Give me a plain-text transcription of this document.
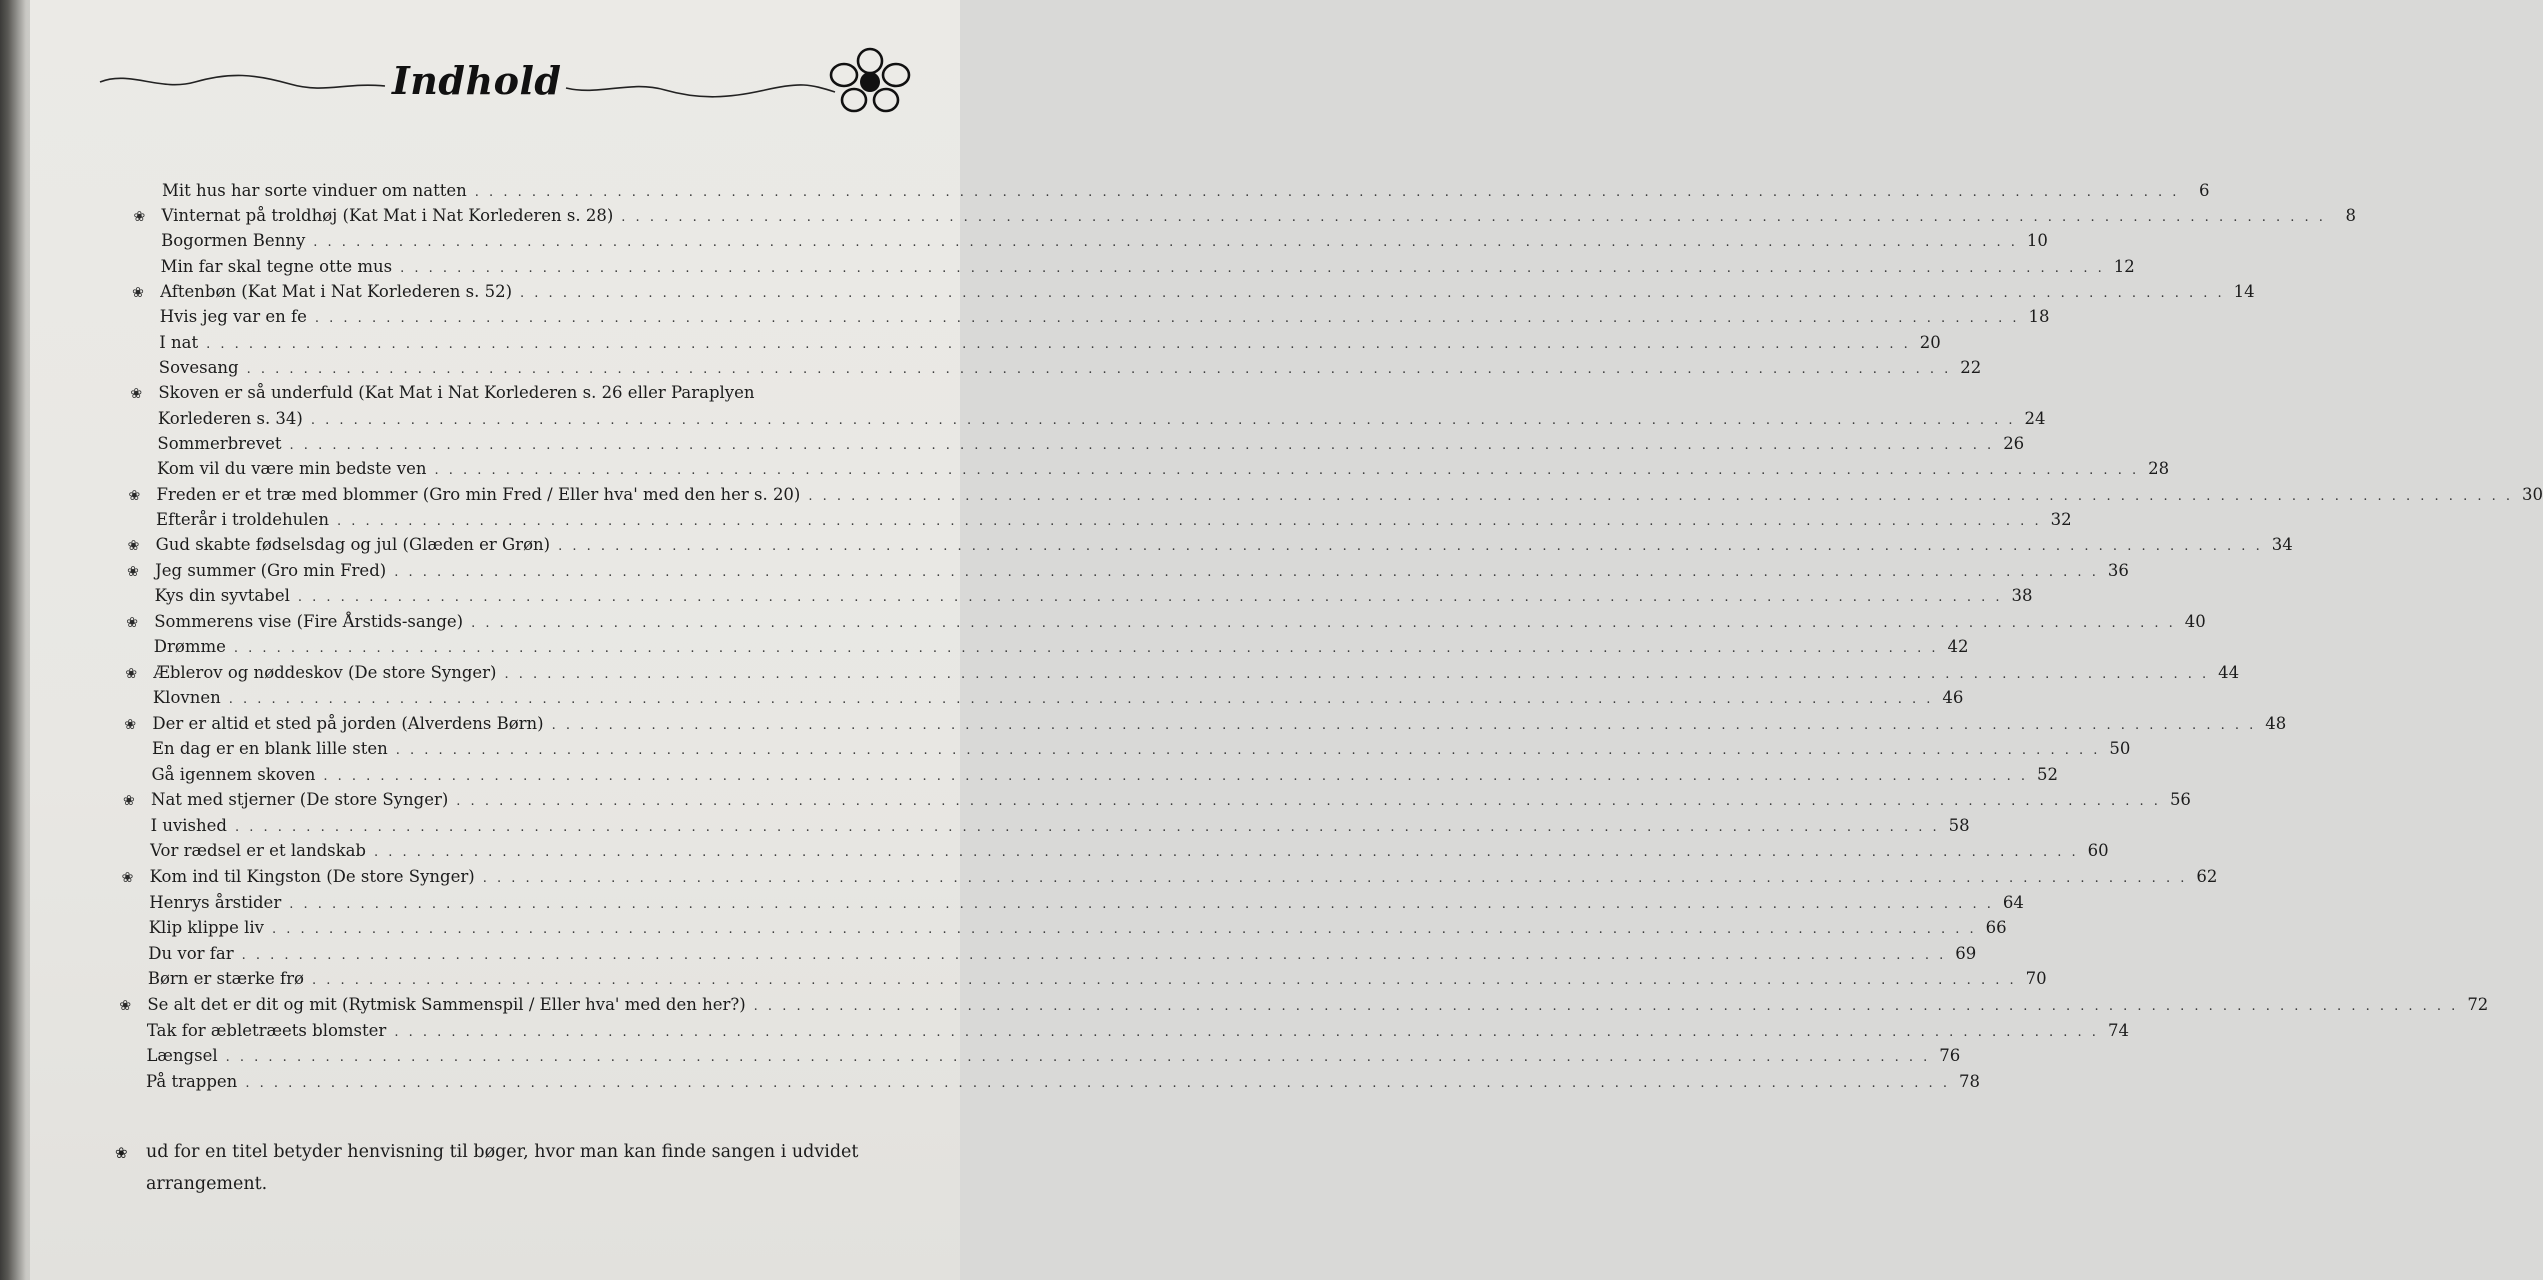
Indhold
Mit hus har sorte vinduer om natten . . . . . . . . . . . . . . . . . . . . . . . . . . . . . . . . . . . . . . . . . . . . . . . . . . . . . . . . . . . . . . . . . . . . . . . . . . . . . . . . . . . . . . . . . . . . . . . . . . . . . . . . . . . . . . . . . . . . . . . .	6
❀ Vinternat på troldhøj (Kat Mat i Nat Korlederen s. 28) . . . . . . . . . . . . . . . . . . . . . . . . . . . . . . . . . . . . . . . . . . . . . . . . . . . . . . . . . . . . . . . . . . . . . . . . . . . . . . . . . . . . . . . . . . . . . . . . . . . . . . . . . . . . . . . . . . . . . . . .	8
Bogormen Benny . . . . . . . . . . . . . . . . . . . . . . . . . . . . . . . . . . . . . . . . . . . . . . . . . . . . . . . . . . . . . . . . . . . . . . . . . . . . . . . . . . . . . . . . . . . . . . . . . . . . . . . . . . . . . . . . . . . . . . . . 10
Min far skal tegne otte mus . . . . . . . . . . . . . . . . . . . . . . . . . . . . . . . . . . . . . . . . . . . . . . . . . . . . . . . . . . . . . . . . . . . . . . . . . . . . . . . . . . . . . . . . . . . . . . . . . . . . . . . . . . . . . . . . . . . . . . . . 12
❀ Aftenbøn (Kat Mat i Nat Korlederen s. 52) . . . . . . . . . . . . . . . . . . . . . . . . . . . . . . . . . . . . . . . . . . . . . . . . . . . . . . . . . . . . . . . . . . . . . . . . . . . . . . . . . . . . . . . . . . . . . . . . . . . . . . . . . . . . . . . . . . . . . . . . 14
Hvis jeg var en fe . . . . . . . . . . . . . . . . . . . . . . . . . . . . . . . . . . . . . . . . . . . . . . . . . . . . . . . . . . . . . . . . . . . . . . . . . . . . . . . . . . . . . . . . . . . . . . . . . . . . . . . . . . . . . . . . . . . . . . . . 18
I nat . . . . . . . . . . . . . . . . . . . . . . . . . . . . . . . . . . . . . . . . . . . . . . . . . . . . . . . . . . . . . . . . . . . . . . . . . . . . . . . . . . . . . . . . . . . . . . . . . . . . . . . . . . . . . . . . . . . . . . . . 20
Sovesang . . . . . . . . . . . . . . . . . . . . . . . . . . . . . . . . . . . . . . . . . . . . . . . . . . . . . . . . . . . . . . . . . . . . . . . . . . . . . . . . . . . . . . . . . . . . . . . . . . . . . . . . . . . . . . . . . . . . . . . . 22
❀ Skoven er så underfuld (Kat Mat i Nat Korlederen s. 26 eller Paraplyen
Korlederen s. 34) . . . . . . . . . . . . . . . . . . . . . . . . . . . . . . . . . . . . . . . . . . . . . . . . . . . . . . . . . . . . . . . . . . . . . . . . . . . . . . . . . . . . . . . . . . . . . . . . . . . . . . . . . . . . . . . . . . . . . . . . 24
Sommerbrevet . . . . . . . . . . . . . . . . . . . . . . . . . . . . . . . . . . . . . . . . . . . . . . . . . . . . . . . . . . . . . . . . . . . . . . . . . . . . . . . . . . . . . . . . . . . . . . . . . . . . . . . . . . . . . . . . . . . . . . . . 26
Kom vil du være min bedste ven . . . . . . . . . . . . . . . . . . . . . . . . . . . . . . . . . . . . . . . . . . . . . . . . . . . . . . . . . . . . . . . . . . . . . . . . . . . . . . . . . . . . . . . . . . . . . . . . . . . . . . . . . . . . . . . . . . . . . . . . 28
❀ Freden er et træ med blommer (Gro min Fred / Eller hva' med den her s. 20) . . . . . . . . . . . . . . . . . . . . . . . . . . . . . . . . . . . . . . . . . . . . . . . . . . . . . . . . . . . . . . . . . . . . . . . . . . . . . . . . . . . . . . . . . . . . . . . . . . . . . . . . . . . . . . . . . . . . . . . . 30
Efterår i troldehulen . . . . . . . . . . . . . . . . . . . . . . . . . . . . . . . . . . . . . . . . . . . . . . . . . . . . . . . . . . . . . . . . . . . . . . . . . . . . . . . . . . . . . . . . . . . . . . . . . . . . . . . . . . . . . . . . . . . . . . . . 32
❀ Gud skabte fødselsdag og jul (Glæden er Grøn) . . . . . . . . . . . . . . . . . . . . . . . . . . . . . . . . . . . . . . . . . . . . . . . . . . . . . . . . . . . . . . . . . . . . . . . . . . . . . . . . . . . . . . . . . . . . . . . . . . . . . . . . . . . . . . . . . . . . . . . . 34
❀ Jeg summer (Gro min Fred) . . . . . . . . . . . . . . . . . . . . . . . . . . . . . . . . . . . . . . . . . . . . . . . . . . . . . . . . . . . . . . . . . . . . . . . . . . . . . . . . . . . . . . . . . . . . . . . . . . . . . . . . . . . . . . . . . . . . . . . . 36
Kys din syvtabel . . . . . . . . . . . . . . . . . . . . . . . . . . . . . . . . . . . . . . . . . . . . . . . . . . . . . . . . . . . . . . . . . . . . . . . . . . . . . . . . . . . . . . . . . . . . . . . . . . . . . . . . . . . . . . . . . . . . . . . . 38
❀ Sommerens vise (Fire Årstids-sange) . . . . . . . . . . . . . . . . . . . . . . . . . . . . . . . . . . . . . . . . . . . . . . . . . . . . . . . . . . . . . . . . . . . . . . . . . . . . . . . . . . . . . . . . . . . . . . . . . . . . . . . . . . . . . . . . . . . . . . . . 40
Drømme . . . . . . . . . . . . . . . . . . . . . . . . . . . . . . . . . . . . . . . . . . . . . . . . . . . . . . . . . . . . . . . . . . . . . . . . . . . . . . . . . . . . . . . . . . . . . . . . . . . . . . . . . . . . . . . . . . . . . . . . 42
❀ Æblerov og nøddeskov (De store Synger) . . . . . . . . . . . . . . . . . . . . . . . . . . . . . . . . . . . . . . . . . . . . . . . . . . . . . . . . . . . . . . . . . . . . . . . . . . . . . . . . . . . . . . . . . . . . . . . . . . . . . . . . . . . . . . . . . . . . . . . . 44
Klovnen . . . . . . . . . . . . . . . . . . . . . . . . . . . . . . . . . . . . . . . . . . . . . . . . . . . . . . . . . . . . . . . . . . . . . . . . . . . . . . . . . . . . . . . . . . . . . . . . . . . . . . . . . . . . . . . . . . . . . . . . 46
❀ Der er altid et sted på jorden (Alverdens Børn) . . . . . . . . . . . . . . . . . . . . . . . . . . . . . . . . . . . . . . . . . . . . . . . . . . . . . . . . . . . . . . . . . . . . . . . . . . . . . . . . . . . . . . . . . . . . . . . . . . . . . . . . . . . . . . . . . . . . . . . . 48
En dag er en blank lille sten . . . . . . . . . . . . . . . . . . . . . . . . . . . . . . . . . . . . . . . . . . . . . . . . . . . . . . . . . . . . . . . . . . . . . . . . . . . . . . . . . . . . . . . . . . . . . . . . . . . . . . . . . . . . . . . . . . . . . . . . 50
Gå igennem skoven . . . . . . . . . . . . . . . . . . . . . . . . . . . . . . . . . . . . . . . . . . . . . . . . . . . . . . . . . . . . . . . . . . . . . . . . . . . . . . . . . . . . . . . . . . . . . . . . . . . . . . . . . . . . . . . . . . . . . . . . 52
❀ Nat med stjerner (De store Synger) . . . . . . . . . . . . . . . . . . . . . . . . . . . . . . . . . . . . . . . . . . . . . . . . . . . . . . . . . . . . . . . . . . . . . . . . . . . . . . . . . . . . . . . . . . . . . . . . . . . . . . . . . . . . . . . . . . . . . . . . 56
I uvished . . . . . . . . . . . . . . . . . . . . . . . . . . . . . . . . . . . . . . . . . . . . . . . . . . . . . . . . . . . . . . . . . . . . . . . . . . . . . . . . . . . . . . . . . . . . . . . . . . . . . . . . . . . . . . . . . . . . . . . . 58
Vor rædsel er et landskab . . . . . . . . . . . . . . . . . . . . . . . . . . . . . . . . . . . . . . . . . . . . . . . . . . . . . . . . . . . . . . . . . . . . . . . . . . . . . . . . . . . . . . . . . . . . . . . . . . . . . . . . . . . . . . . . . . . . . . . . 60
❀ Kom ind til Kingston (De store Synger) . . . . . . . . . . . . . . . . . . . . . . . . . . . . . . . . . . . . . . . . . . . . . . . . . . . . . . . . . . . . . . . . . . . . . . . . . . . . . . . . . . . . . . . . . . . . . . . . . . . . . . . . . . . . . . . . . . . . . . . . 62
Henrys årstider . . . . . . . . . . . . . . . . . . . . . . . . . . . . . . . . . . . . . . . . . . . . . . . . . . . . . . . . . . . . . . . . . . . . . . . . . . . . . . . . . . . . . . . . . . . . . . . . . . . . . . . . . . . . . . . . . . . . . . . . 64
Klip klippe liv . . . . . . . . . . . . . . . . . . . . . . . . . . . . . . . . . . . . . . . . . . . . . . . . . . . . . . . . . . . . . . . . . . . . . . . . . . . . . . . . . . . . . . . . . . . . . . . . . . . . . . . . . . . . . . . . . . . . . . . . 66
Du vor far . . . . . . . . . . . . . . . . . . . . . . . . . . . . . . . . . . . . . . . . . . . . . . . . . . . . . . . . . . . . . . . . . . . . . . . . . . . . . . . . . . . . . . . . . . . . . . . . . . . . . . . . . . . . . . . . . . . . . . . . 69
Børn er stærke frø . . . . . . . . . . . . . . . . . . . . . . . . . . . . . . . . . . . . . . . . . . . . . . . . . . . . . . . . . . . . . . . . . . . . . . . . . . . . . . . . . . . . . . . . . . . . . . . . . . . . . . . . . . . . . . . . . . . . . . . . 70
❀ Se alt det er dit og mit (Rytmisk Sammenspil / Eller hva' med den her?) . . . . . . . . . . . . . . . . . . . . . . . . . . . . . . . . . . . . . . . . . . . . . . . . . . . . . . . . . . . . . . . . . . . . . . . . . . . . . . . . . . . . . . . . . . . . . . . . . . . . . . . . . . . . . . . . . . . . . . . . 72
Tak for æbletræets blomster . . . . . . . . . . . . . . . . . . . . . . . . . . . . . . . . . . . . . . . . . . . . . . . . . . . . . . . . . . . . . . . . . . . . . . . . . . . . . . . . . . . . . . . . . . . . . . . . . . . . . . . . . . . . . . . . . . . . . . . . 74
Længsel . . . . . . . . . . . . . . . . . . . . . . . . . . . . . . . . . . . . . . . . . . . . . . . . . . . . . . . . . . . . . . . . . . . . . . . . . . . . . . . . . . . . . . . . . . . . . . . . . . . . . . . . . . . . . . . . . . . . . . . . 76
På trappen . . . . . . . . . . . . . . . . . . . . . . . . . . . . . . . . . . . . . . . . . . . . . . . . . . . . . . . . . . . . . . . . . . . . . . . . . . . . . . . . . . . . . . . . . . . . . . . . . . . . . . . . . . . . . . . . . . . . . . . . 78
❀	ud for en titel betyder henvisning til bøger, hvor man kan finde sangen i udvidet arrangement.
